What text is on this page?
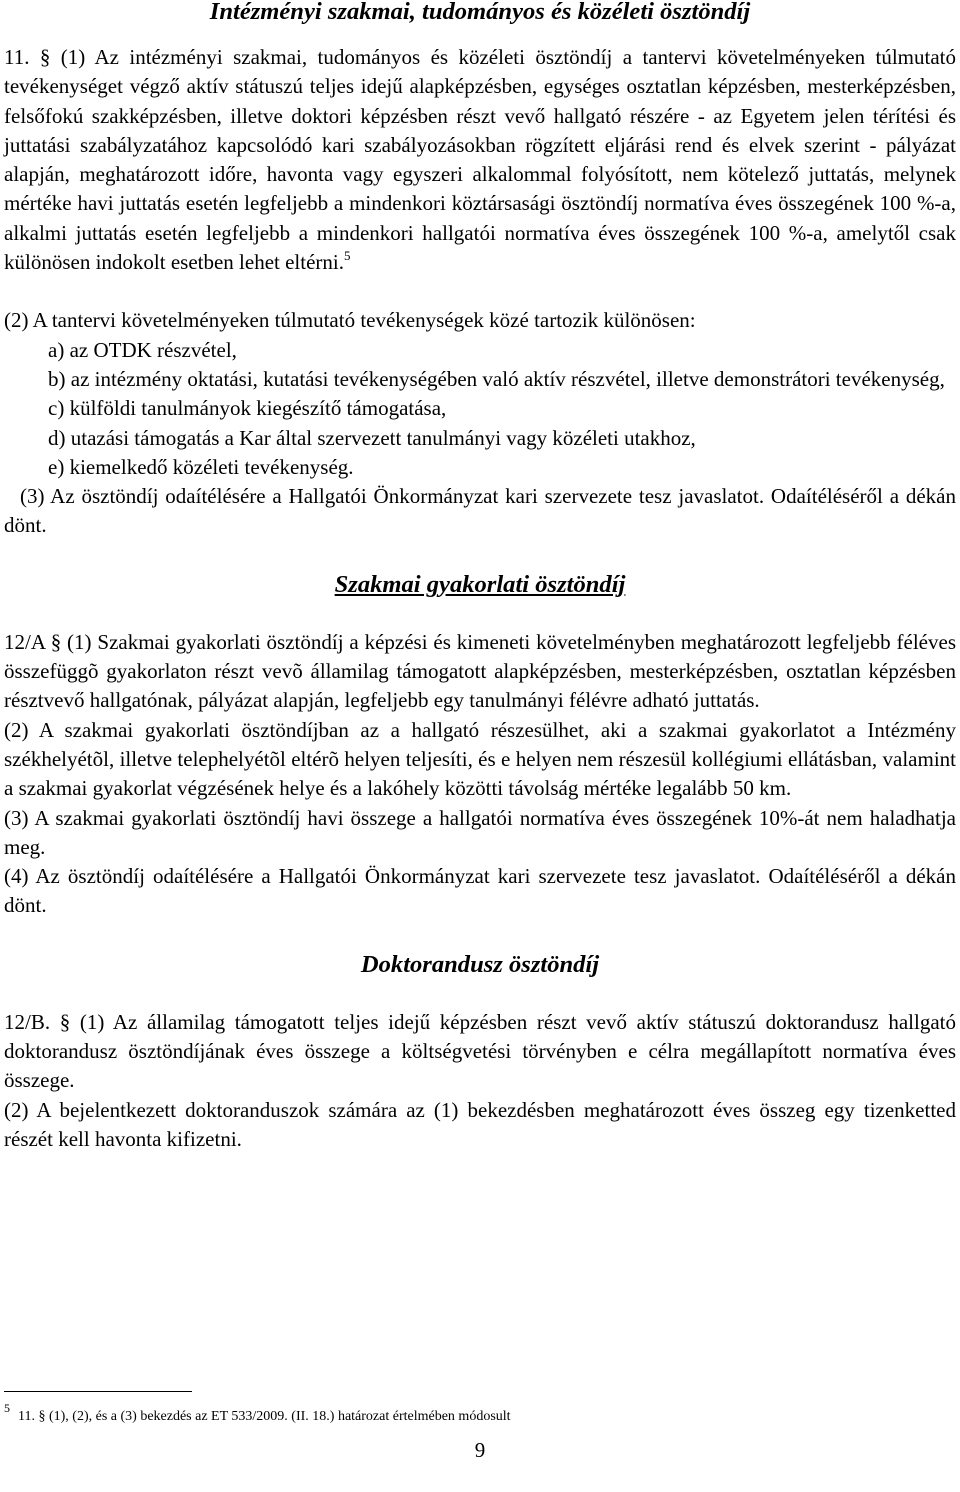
Intézményi szakmai, tudományos és közéleti ösztöndíj

11. § (1) Az intézményi szakmai, tudományos és közéleti ösztöndíj a tantervi követelményeken túlmutató tevékenységet végző aktív státuszú teljes idejű alapképzésben, egységes osztatlan képzésben, mesterképzésben, felsőfokú szakképzésben, illetve doktori képzésben részt vevő hallgató részére - az Egyetem jelen térítési és juttatási szabályzatához kapcsolódó kari szabályozásokban rögzített eljárási rend és elvek szerint - pályázat alapján, meghatározott időre, havonta vagy egyszeri alkalommal folyósított, nem kötelező juttatás, melynek mértéke havi juttatás esetén legfeljebb a mindenkori köztársasági ösztöndíj normatíva éves összegének 100 %-a, alkalmi juttatás esetén legfeljebb a mindenkori hallgatói normatíva éves összegének 100 %-a, amelytől csak különösen indokolt esetben lehet eltérni.$^5$

(2) A tantervi követelményeken túlmutató tevékenységek közé tartozik különösen:

a) az OTDK részvétel,
b) az intézmény oktatási, kutatási tevékenységében való aktív részvétel, illetve demonstrátori tevékenység,
c) külföldi tanulmányok kiegészítő támogatása,
d) utazási támogatás a Kar által szervezett tanulmányi vagy közéleti utakhoz,
e) kiemelkedő közéleti tevékenység.

(3) Az ösztöndíj odaítélésére a Hallgatói Önkormányzat kari szervezete tesz javaslatot. Odaítéléséről a dékán dönt.

Szakmai gyakorlati ösztöndíj

12/A § (1) Szakmai gyakorlati ösztöndíj a képzési és kimeneti követelményben meghatározott legfeljebb féléves összefüggõ gyakorlaton részt vevõ államilag támogatott alapképzésben, mesterképzésben, osztatlan képzésben résztvevő hallgatónak, pályázat alapján, legfeljebb egy tanulmányi félévre adható juttatás.

(2) A szakmai gyakorlati ösztöndíjban az a hallgató részesülhet, aki a szakmai gyakorlatot a Intézmény székhelyétõl, illetve telephelyétõl eltérõ helyen teljesíti, és e helyen nem részesül kollégiumi ellátásban, valamint a szakmai gyakorlat végzésének helye és a lakóhely közötti távolság mértéke legalább 50 km.

(3) A szakmai gyakorlati ösztöndíj havi összege a hallgatói normatíva éves összegének 10%-át nem haladhatja meg.

(4) Az ösztöndíj odaítélésére a Hallgatói Önkormányzat kari szervezete tesz javaslatot. Odaítéléséről a dékán dönt.

Doktorandusz ösztöndíj

12/B. § (1) Az államilag támogatott teljes idejű képzésben részt vevő aktív státuszú doktorandusz hallgató doktorandusz ösztöndíjának éves összege a költségvetési törvényben e célra megállapított normatíva éves összege.

(2) A bejelentkezett doktoranduszok számára az (1) bekezdésben meghatározott éves összeg egy tizenketted részét kell havonta kifizetni.

511. § (1), (2), és a (3) bekezdés az ET 533/2009. (II. 18.) határozat értelmében módosult
9
